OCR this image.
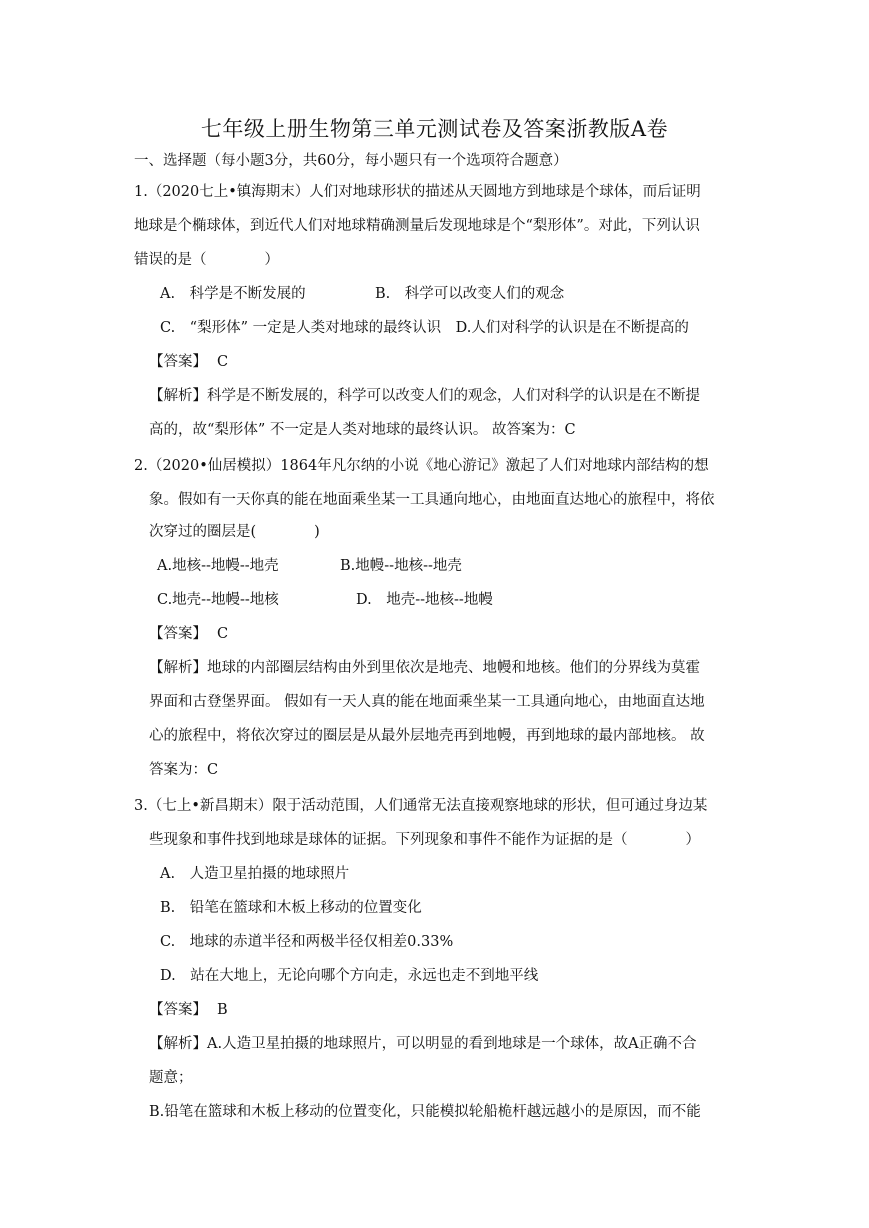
七年级上册生物第三单元测试卷及答案浙教版A卷
一、选择题（每小题3分，共60分，每小题只有一个选项符合题意）
1.（2020七上•镇海期末）人们对地球形状的描述从天圆地方到地球是个球体，而后证明
地球是个椭球体，到近代人们对地球精确测量后发现地球是个“梨形体”。对此，下列认识
错误的是（　　　　）
A.　科学是不断发展的	B.　科学可以改变人们的观念
C.　“梨形体” 一定是人类对地球的最终认识　D.人们对科学的认识是在不断提高的
【答案】 C
【解析】科学是不断发展的，科学可以改变人们的观念，人们对科学的认识是在不断提
高的，故“梨形体” 不一定是人类对地球的最终认识。 故答案为：C
2.（2020•仙居模拟）1864年凡尔纳的小说《地心游记》激起了人们对地球内部结构的想
象。假如有一天你真的能在地面乘坐某一工具通向地心，由地面直达地心的旅程中，将依
次穿过的圈层是(　　　　)
A.地核--地幔--地壳	B.地幔--地核--地壳
C.地壳--地幔--地核	D.　地壳--地核--地幔
【答案】 C
【解析】地球的内部圈层结构由外到里依次是地壳、地幔和地核。他们的分界线为莫霍
界面和古登堡界面。 假如有一天人真的能在地面乘坐某一工具通向地心，由地面直达地
心的旅程中，将依次穿过的圈层是从最外层地壳再到地幔，再到地球的最内部地核。 故
答案为：C
3.（七上•新昌期末）限于活动范围，人们通常无法直接观察地球的形状，但可通过身边某
些现象和事件找到地球是球体的证据。下列现象和事件不能作为证据的是（　　　　）
A.　人造卫星拍摄的地球照片
B.　铅笔在篮球和木板上移动的位置变化
C.　地球的赤道半径和两极半径仅相差0.33%
D.　站在大地上，无论向哪个方向走，永远也走不到地平线
【答案】 B
【解析】A.人造卫星拍摄的地球照片，可以明显的看到地球是一个球体，故A正确不合
题意；
B.铅笔在篮球和木板上移动的位置变化，只能模拟轮船桅杆越远越小的是原因，而不能
